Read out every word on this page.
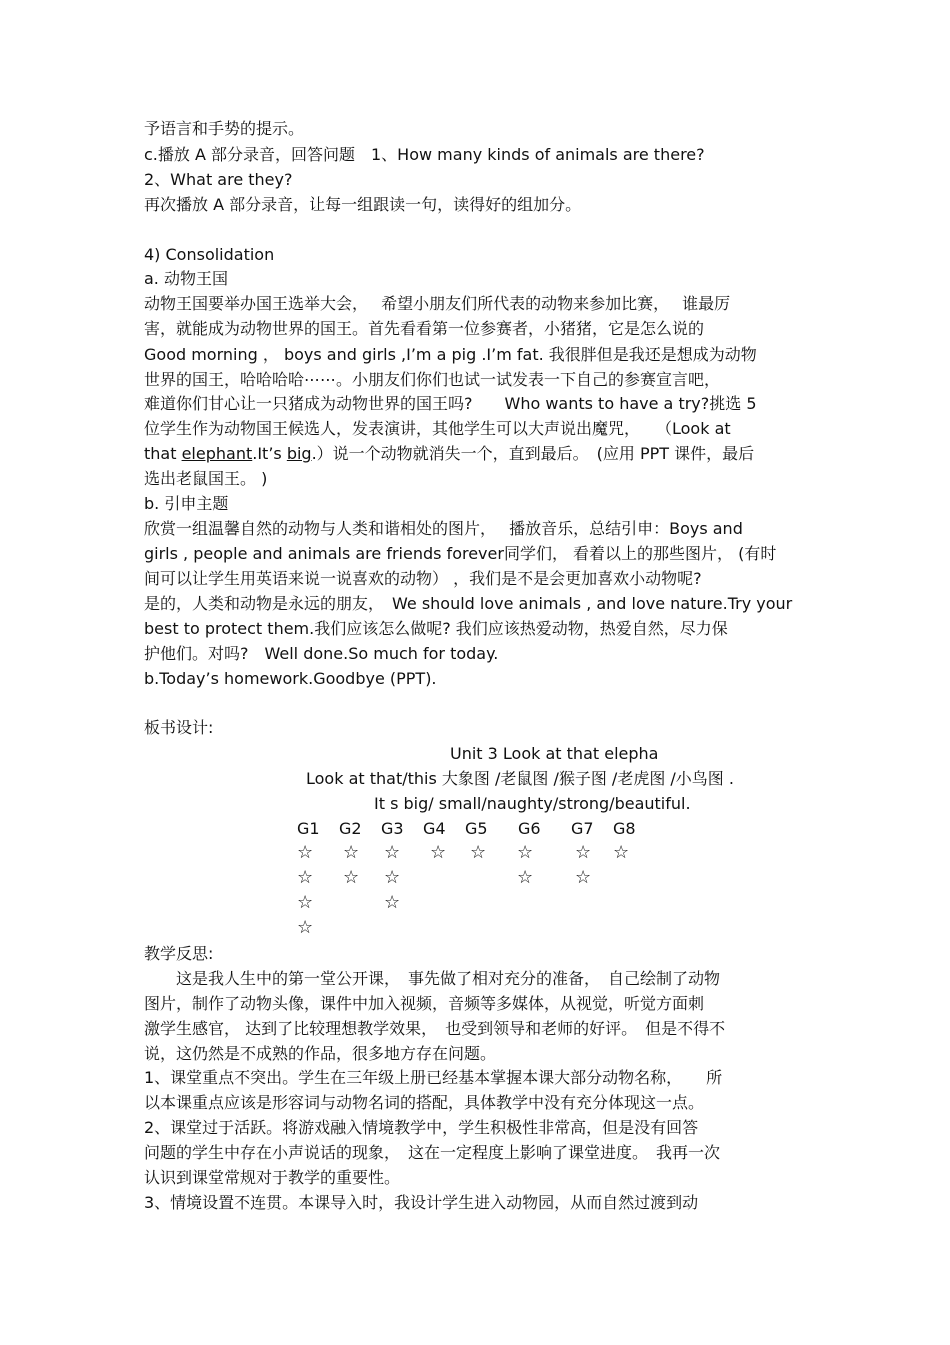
予语言和手势的提示。
c.播放 A 部分录音，回答问题　1、How many kinds of animals are there?
2、What are they?
再次播放 A 部分录音，让每一组跟读一句，读得好的组加分。
4) Consolidation
a. 动物王国
动物王国要举办国王选举大会，　 希望小朋友们所代表的动物来参加比赛，　 谁最厉
害，就能成为动物世界的国王。首先看看第一位参赛者，小猪猪，它是怎么说的
Good morning ， boys and girls ,I’m a pig .I’m fat. 我很胖但是我还是想成为动物
世界的国王，哈哈哈哈⋯⋯。小朋友们你们也试一试发表一下自己的参赛宣言吧，
难道你们甘心让一只猪成为动物世界的国王吗?　　Who wants to have a try?挑选 5
位学生作为动物国王候选人，发表演讲，其他学生可以大声说出魔咒，　　（Look at
that elephant.It’s big.）说一个动物就消失一个，直到最后。　(应用 PPT 课件，最后
选出老鼠国王。 )
b. 引申主题
欣赏一组温馨自然的动物与人类和谐相处的图片，　 播放音乐，总结引申：Boys and
girls , people and animals are friends forever同学们， 看着以上的那些图片， (有时
间可以让学生用英语来说一说喜欢的动物） ，我们是不是会更加喜欢小动物呢?
是的，人类和动物是永远的朋友，　We should love animals , and love nature.Try your
best to protect them.我们应该怎么做呢? 我们应该热爱动物，热爱自然，尽力保
护他们。对吗?　Well done.So much for today.
b.Today’s homework.Goodbye (PPT).
板书设计:
Unit 3 Look at that elepha
Look at that/this 大象图 /老鼠图 /猴子图 /老虎图 /小鸟图 .
It s big/ small/naughty/strong/beautiful.
G1 G2 G3 G4 G5 G6 G7 G8
☆
☆
☆
☆
☆
☆
☆
☆
☆
☆ ☆ ☆
☆
☆
☆
☆
教学反思:
　　这是我人生中的第一堂公开课，　事先做了相对充分的准备，　自己绘制了动物
图片，制作了动物头像，课件中加入视频，音频等多媒体，从视觉，听觉方面刺
激学生感官， 达到了比较理想教学效果，　也受到领导和老师的好评。　但是不得不
说，这仍然是不成熟的作品，很多地方存在问题。
1、课堂重点不突出。学生在三年级上册已经基本掌握本课大部分动物名称，　　所
以本课重点应该是形容词与动物名词的搭配，具体教学中没有充分体现这一点。
2、课堂过于活跃。将游戏融入情境教学中，学生积极性非常高，但是没有回答
问题的学生中存在小声说话的现象，　这在一定程度上影响了课堂进度。　我再一次
认识到课堂常规对于教学的重要性。
3、情境设置不连贯。本课导入时，我设计学生进入动物园，从而自然过渡到动
